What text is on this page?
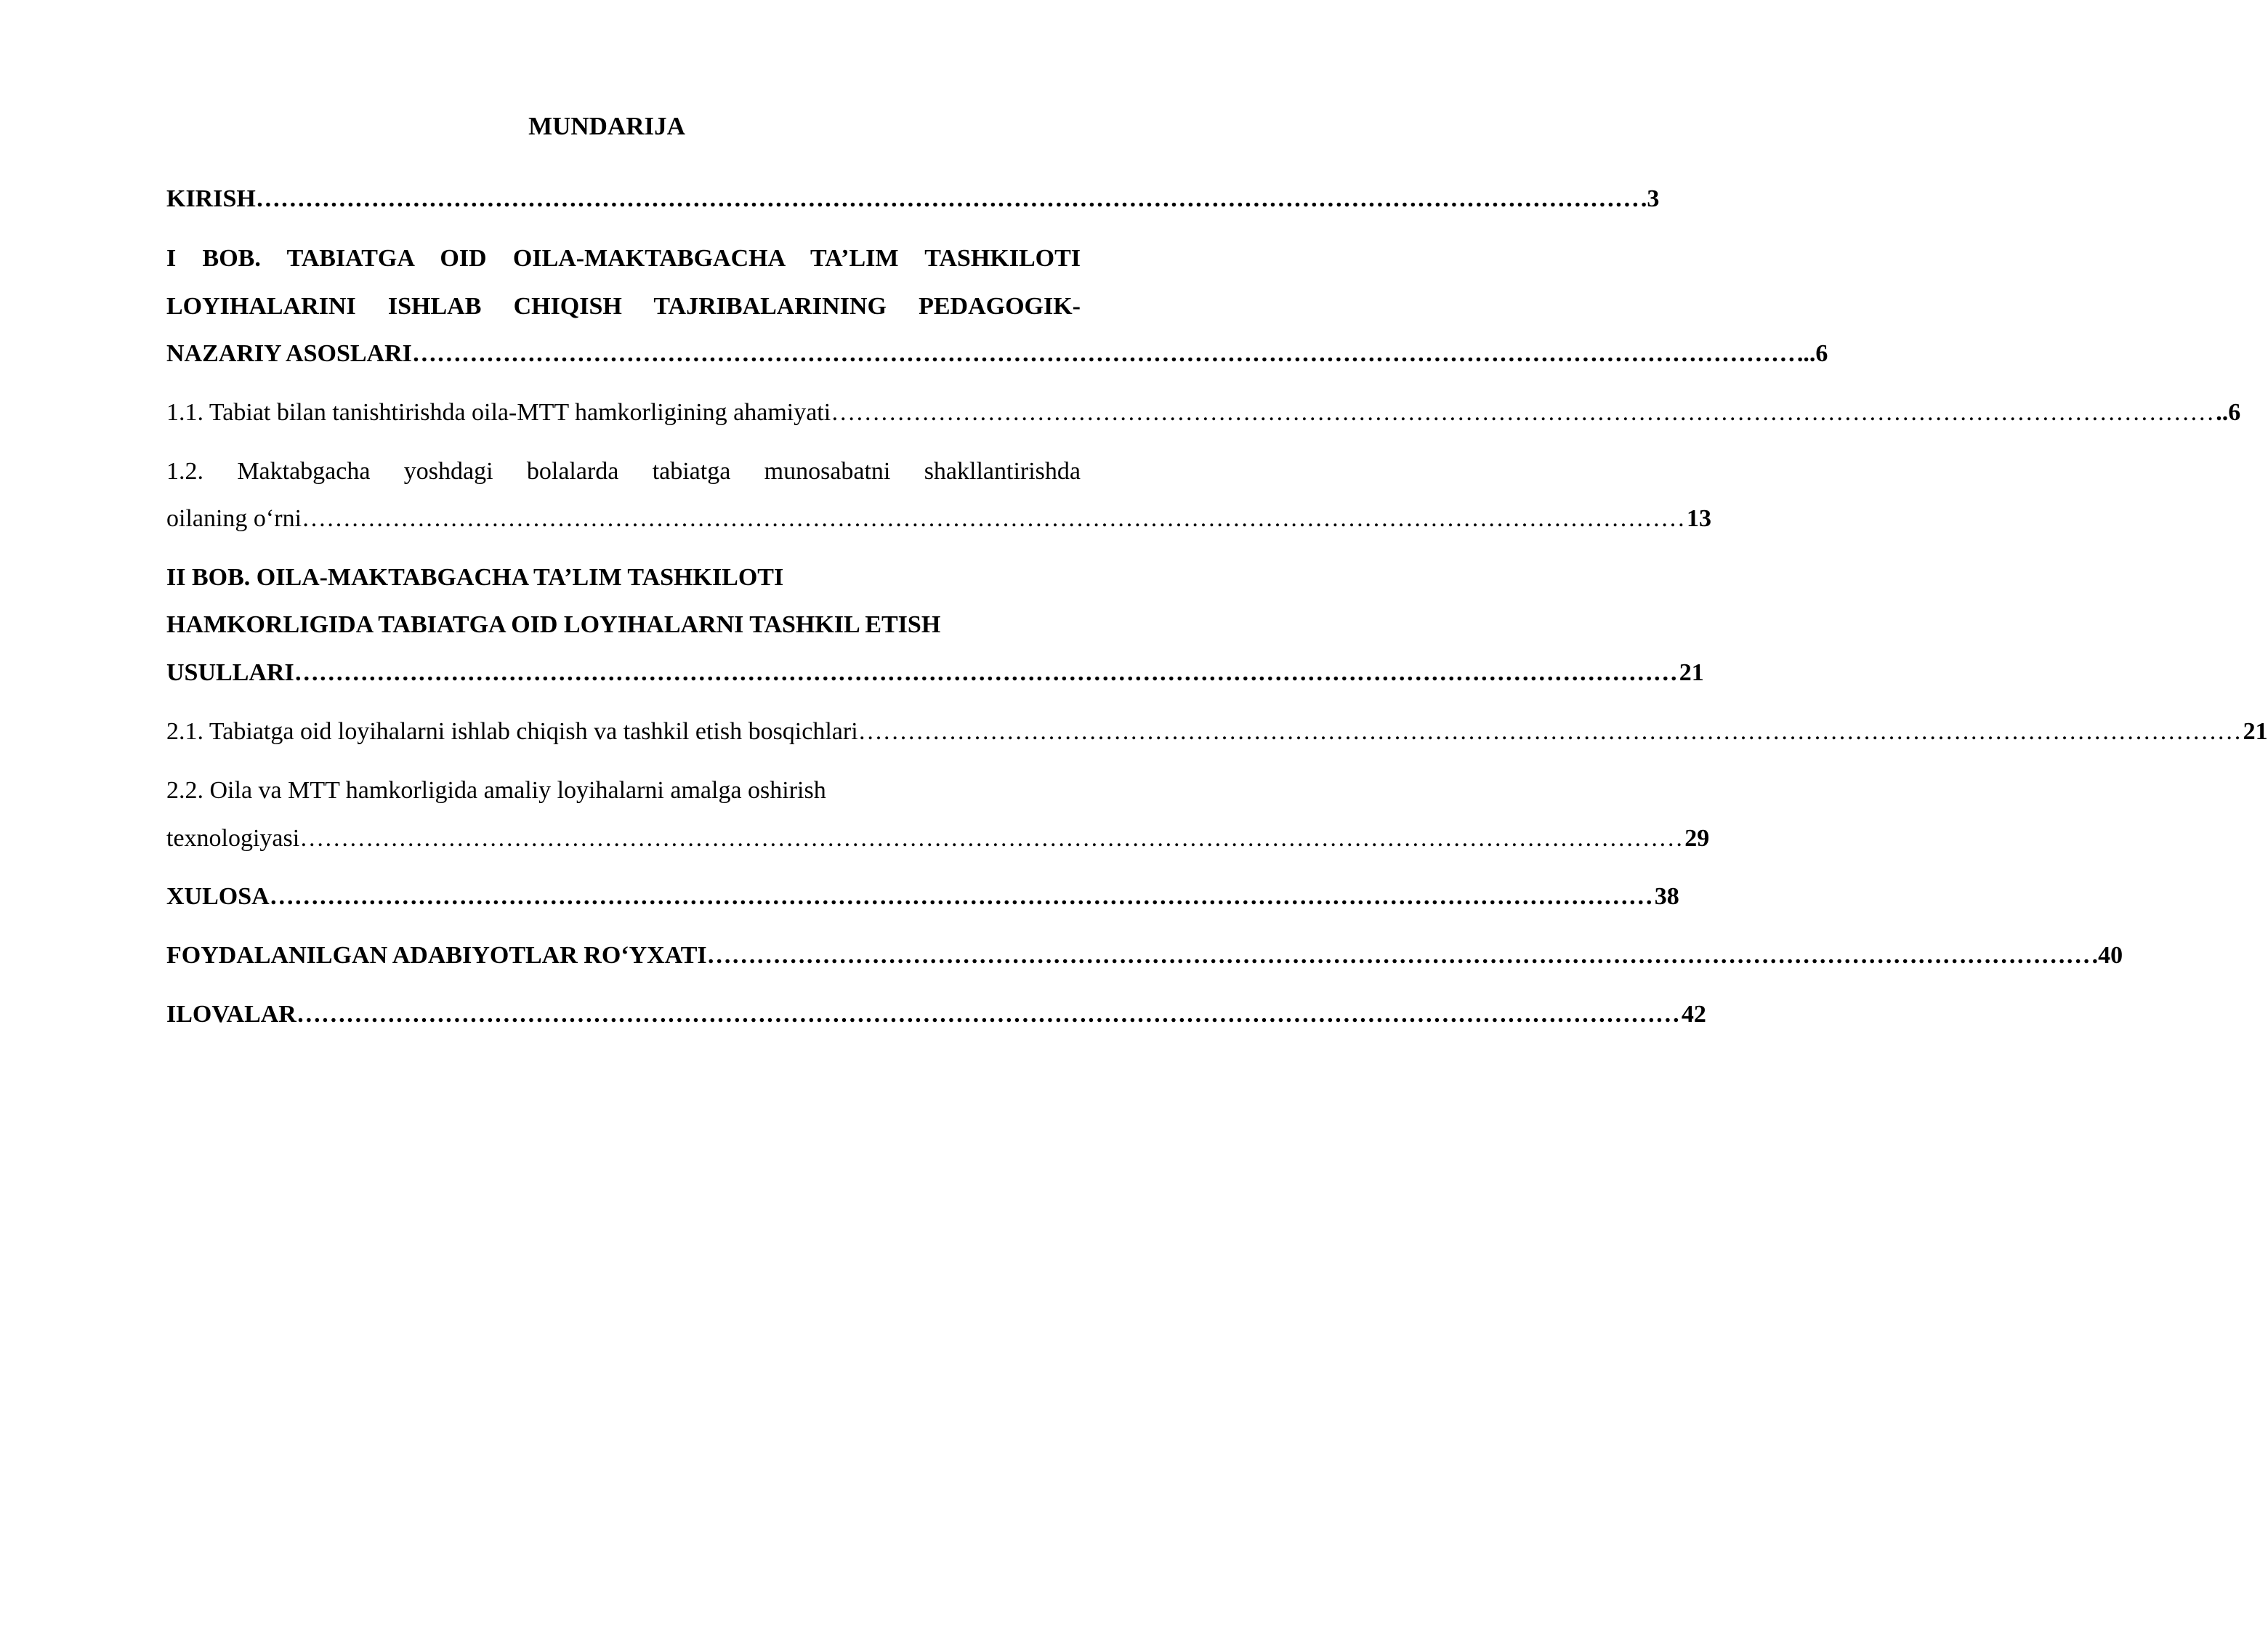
MUNDARIJA
KIRISH …………………………………………………………………………………………………………………………………………………… .3
I BOB. TABIATGA OID OILA-MAKTABGACHA TA’LIM TASHKILOTI
LOYIHALARINI ISHLAB CHIQISH TAJRIBALARINING PEDAGOGIK-
NAZARIY ASOSLARI …………………………………………………………………………………………………………………………………………………… ...6
1.1. Tabiat bilan tanishtirishda oila-MTT hamkorligining ahamiyati …………………………………………………………………………………………………………………………………………………… ..6
1.2. Maktabgacha yoshdagi bolalarda tabiatga munosabatni shakllantirishda
oilaning o‘rni …………………………………………………………………………………………………………………………………………………… 13
II BOB. OILA-MAKTABGACHA TA’LIM TASHKILOTI
HAMKORLIGIDA TABIATGA OID LOYIHALARNI TASHKIL ETISH
USULLARI …………………………………………………………………………………………………………………………………………………… 21
2.1. Tabiatga oid loyihalarni ishlab chiqish va tashkil etish bosqichlari …………………………………………………………………………………………………………………………………………………… 21
2.2. Oila va MTT hamkorligida amaliy loyihalarni amalga oshirish
texnologiyasi …………………………………………………………………………………………………………………………………………………… 29
XULOSA …………………………………………………………………………………………………………………………………………………… 38
FOYDALANILGAN ADABIYOTLAR RO‘YXATI …………………………………………………………………………………………………………………………………………………… .40
ILOVALAR …………………………………………………………………………………………………………………………………………………… 42
